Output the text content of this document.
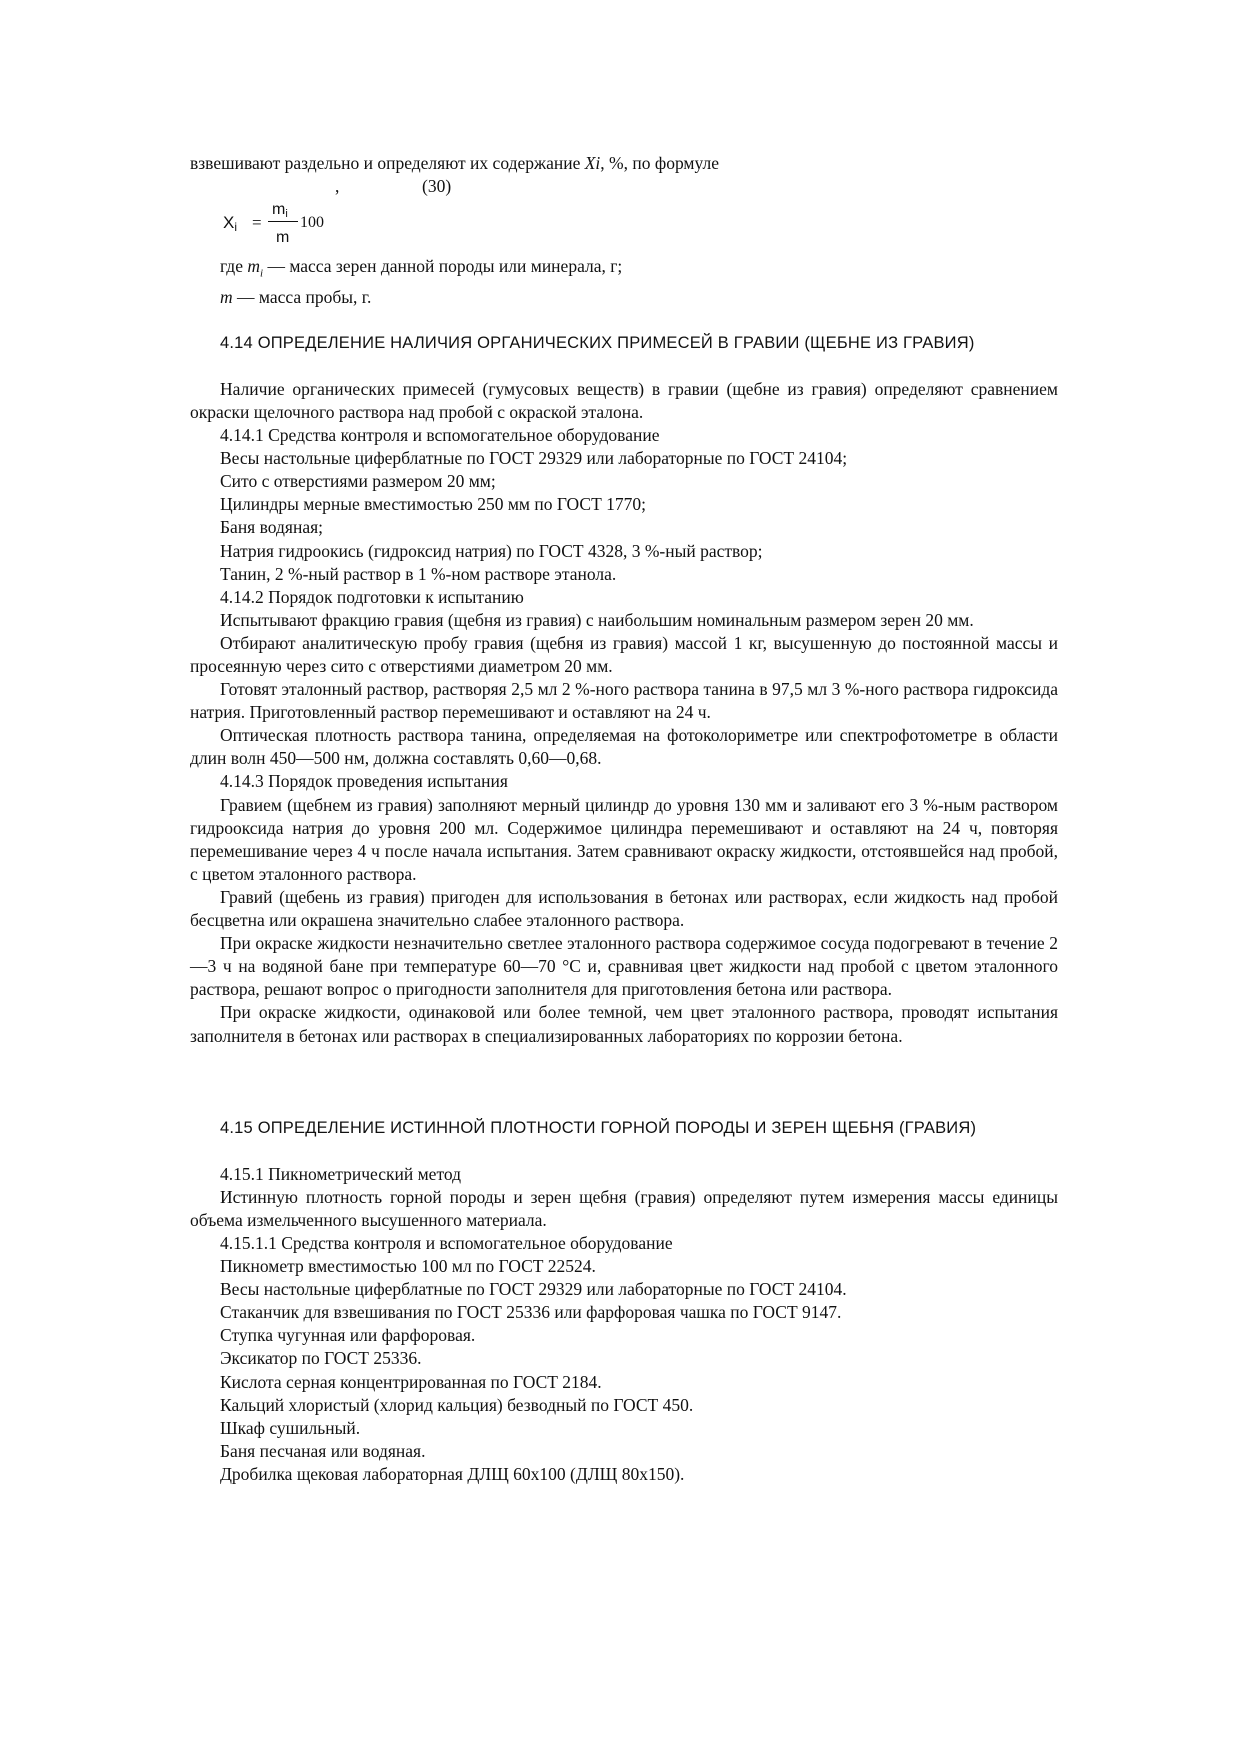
взвешивают раздельно и определяют их содержание Xi, %, по формуле

,	(30)
$X_i$ =
$m_i$
m
100

где $m_i$ — масса зерен данной породы или минерала, г;

m — масса пробы, г.

4.14 ОПРЕДЕЛЕНИЕ НАЛИЧИЯ ОРГАНИЧЕСКИХ ПРИМЕСЕЙ В ГРАВИИ (ЩЕБНЕ ИЗ ГРАВИЯ)

Наличие органических примесей (гумусовых веществ) в гравии (щебне из гравия) определяют сравнением окраски щелочного раствора над пробой с окраской эталона.

4.14.1 Средства контроля и вспомогательное оборудование

Весы настольные циферблатные по ГОСТ 29329 или лабораторные по ГОСТ 24104;

Сито с отверстиями размером 20 мм;

Цилиндры мерные вместимостью 250 мм по ГОСТ 1770;

Баня водяная;

Натрия гидроокись (гидроксид натрия) по ГОСТ 4328, 3 %-ный раствор;

Танин, 2 %-ный раствор в 1 %-ном растворе этанола.

4.14.2 Порядок подготовки к испытанию

Испытывают фракцию гравия (щебня из гравия) с наибольшим номинальным размером зерен 20 мм.

Отбирают аналитическую пробу гравия (щебня из гравия) массой 1 кг, высушенную до постоянной массы и просеянную через сито с отверстиями диаметром 20 мм.

Готовят эталонный раствор, растворяя 2,5 мл 2 %-ного раствора танина в 97,5 мл 3 %-ного раствора гидроксида натрия. Приготовленный раствор перемешивают и оставляют на 24 ч.

Оптическая плотность раствора танина, определяемая на фотоколориметре или спектрофотометре в области длин волн 450—500 нм, должна составлять 0,60—0,68.

4.14.3 Порядок проведения испытания

Гравием (щебнем из гравия) заполняют мерный цилиндр до уровня 130 мм и заливают его 3 %-ным раствором гидрооксида натрия до уровня 200 мл. Содержимое цилиндра перемешивают и оставляют на 24 ч, повторяя перемешивание через 4 ч после начала испытания. Затем сравнивают окраску жидкости, отстоявшейся над пробой, с цветом эталонного раствора.

Гравий (щебень из гравия) пригоден для использования в бетонах или растворах, если жидкость над пробой бесцветна или окрашена значительно слабее эталонного раствора.

При окраске жидкости незначительно светлее эталонного раствора содержимое сосуда подогревают в течение 2—3 ч на водяной бане при температуре 60—70 °С и, сравнивая цвет жидкости над пробой с цветом эталонного раствора, решают вопрос о пригодности заполнителя для приготовления бетона или раствора.

При окраске жидкости, одинаковой или более темной, чем цвет эталонного раствора, проводят испытания заполнителя в бетонах или растворах в специализированных лабораториях по коррозии бетона.

4.15 ОПРЕДЕЛЕНИЕ ИСТИННОЙ ПЛОТНОСТИ ГОРНОЙ ПОРОДЫ И ЗЕРЕН ЩЕБНЯ (ГРАВИЯ)

4.15.1 Пикнометрический метод

Истинную плотность горной породы и зерен щебня (гравия) определяют путем измерения массы единицы объема измельченного высушенного материала.

4.15.1.1 Средства контроля и вспомогательное оборудование

Пикнометр вместимостью 100 мл по ГОСТ 22524.

Весы настольные циферблатные по ГОСТ 29329 или лабораторные по ГОСТ 24104.

Стаканчик для взвешивания по ГОСТ 25336 или фарфоровая чашка по ГОСТ 9147.

Ступка чугунная или фарфоровая.

Эксикатор по ГОСТ 25336.

Кислота серная концентрированная по ГОСТ 2184.

Кальций хлористый (хлорид кальция) безводный по ГОСТ 450.

Шкаф сушильный.

Баня песчаная или водяная.

Дробилка щековая лабораторная ДЛЩ 60х100 (ДЛЩ 80х150).
